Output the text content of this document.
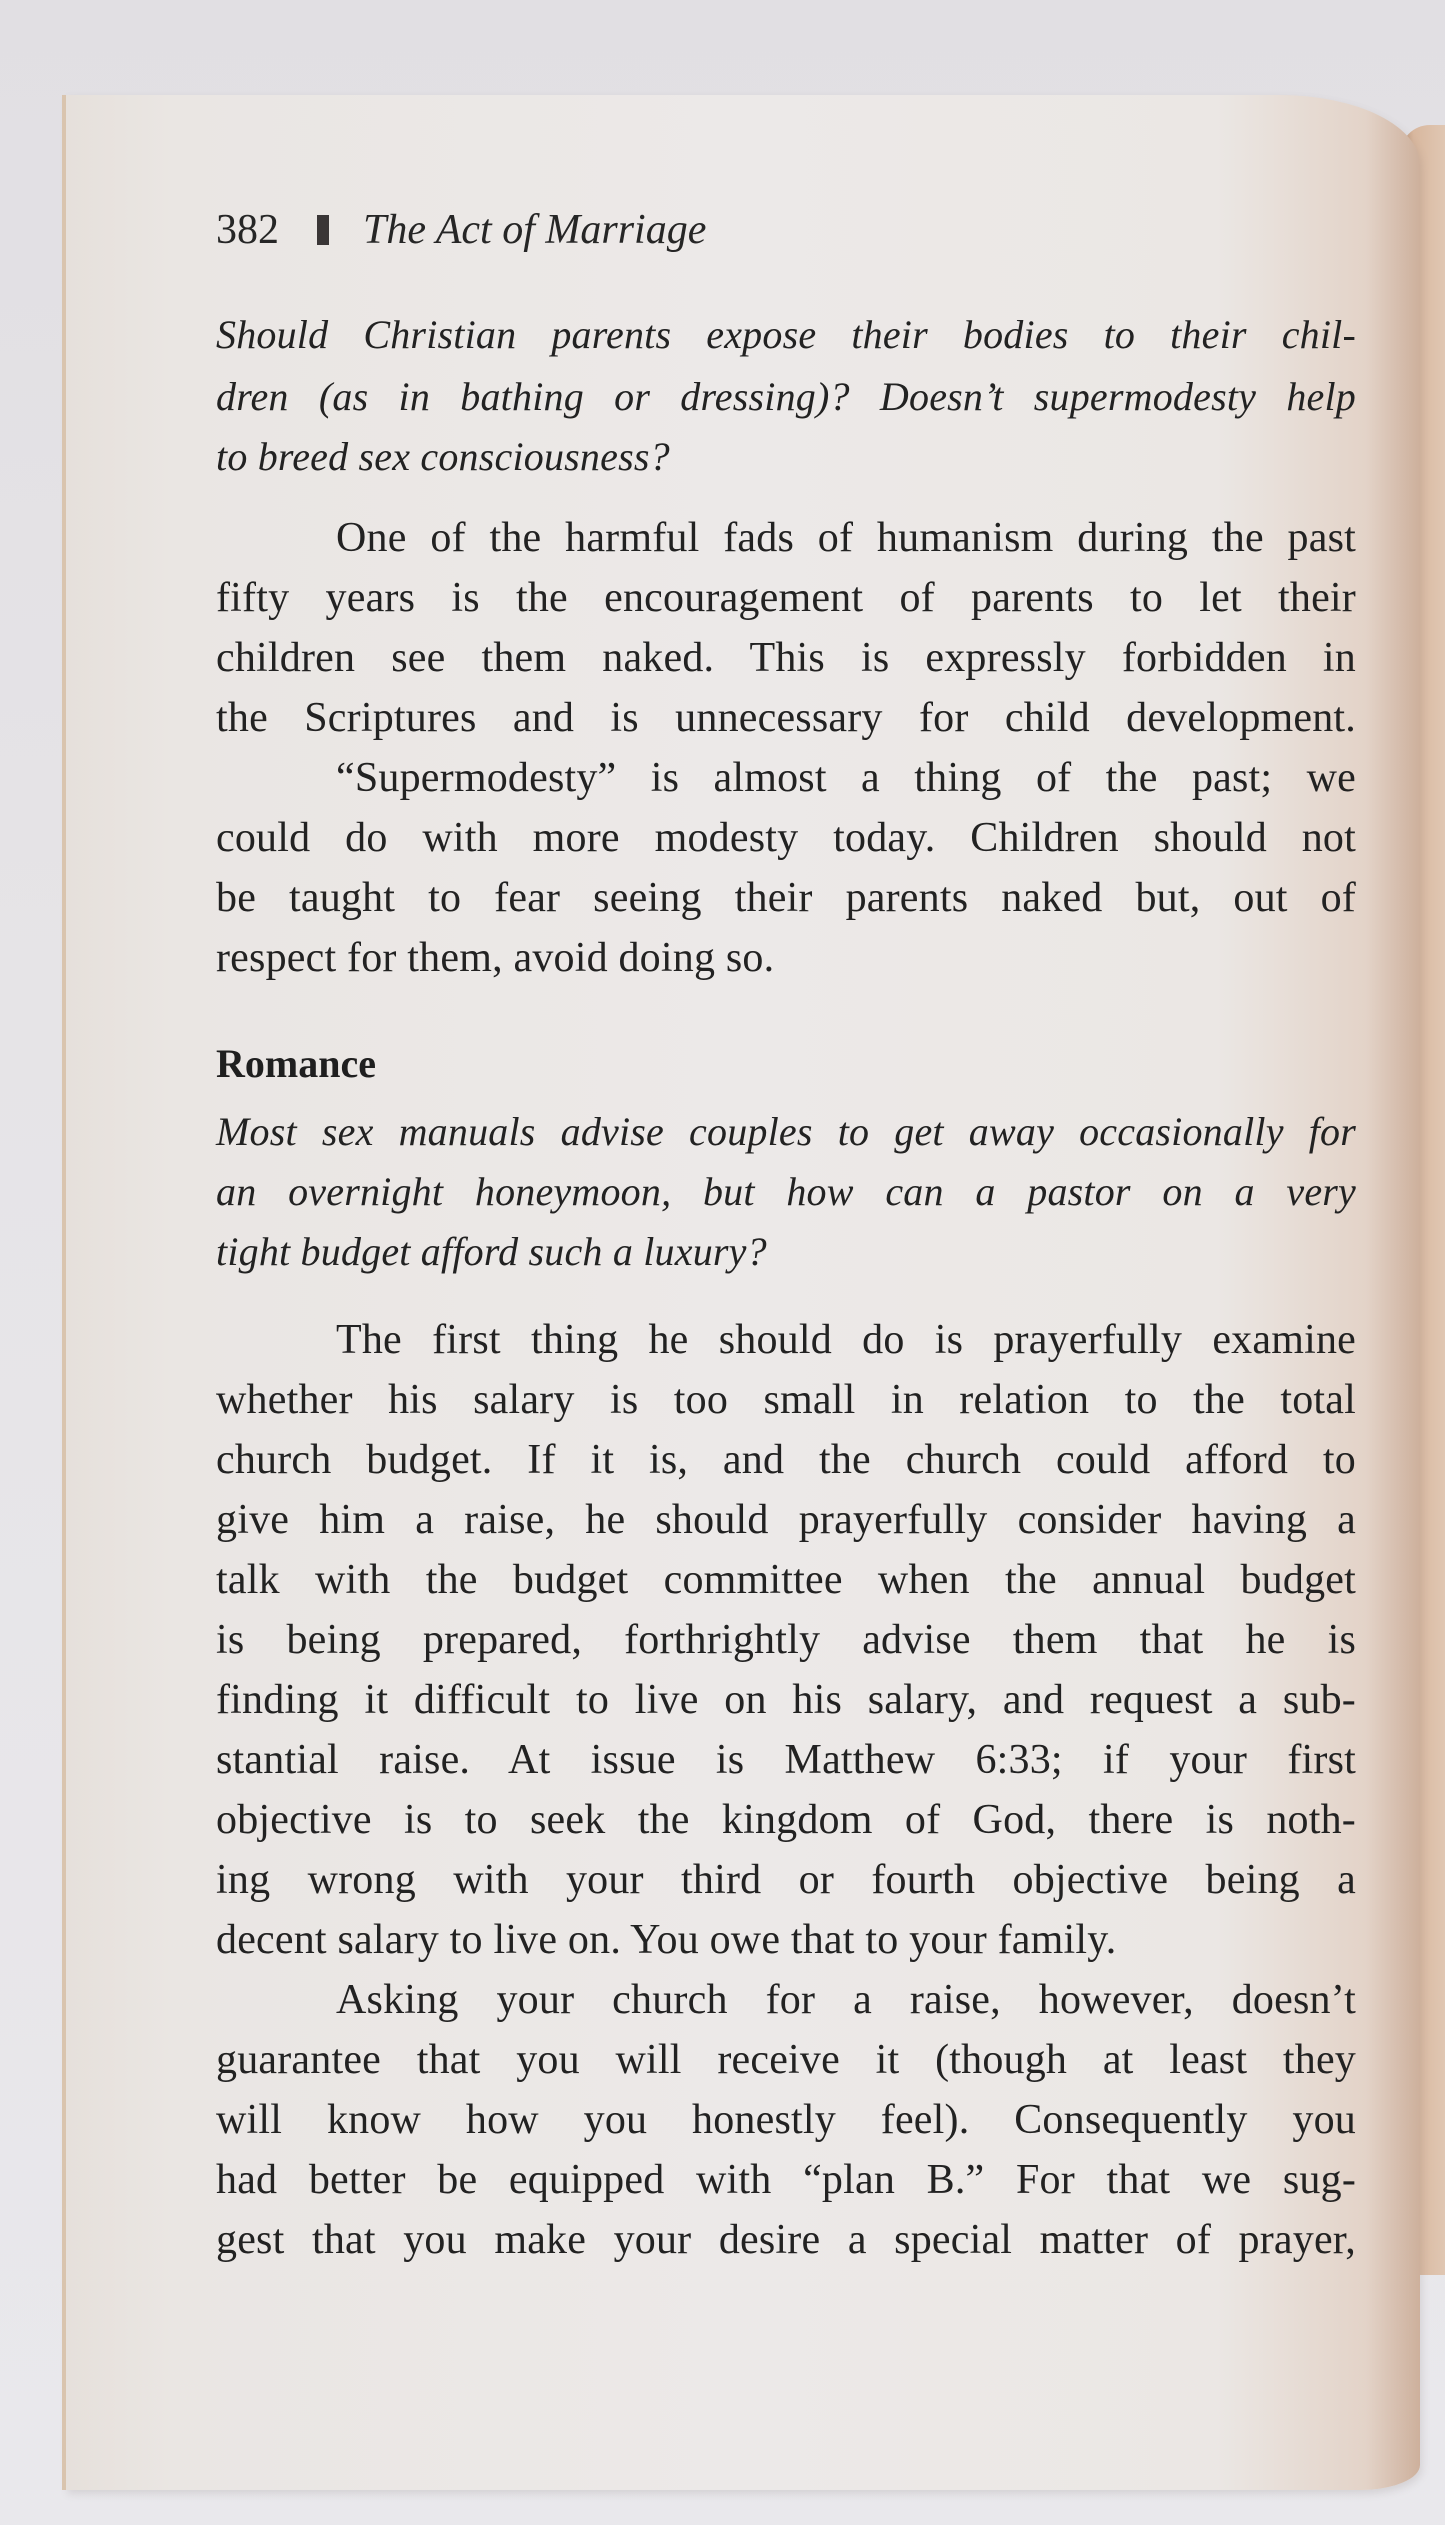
382 The Act of Marriage
Should Christian parents expose their bodies to their chil-
dren (as in bathing or dressing)? Doesn’t supermodesty help
to breed sex consciousness?
One of the harmful fads of humanism during the past
fifty years is the encouragement of parents to let their
children see them naked. This is expressly forbidden in
the Scriptures and is unnecessary for child development.
“Supermodesty” is almost a thing of the past; we
could do with more modesty today. Children should not
be taught to fear seeing their parents naked but, out of
respect for them, avoid doing so.
Romance
Most sex manuals advise couples to get away occasionally for
an overnight honeymoon, but how can a pastor on a very
tight budget afford such a luxury?
The first thing he should do is prayerfully examine
whether his salary is too small in relation to the total
church budget. If it is, and the church could afford to
give him a raise, he should prayerfully consider having a
talk with the budget committee when the annual budget
is being prepared, forthrightly advise them that he is
finding it difficult to live on his salary, and request a sub-
stantial raise. At issue is Matthew 6:33; if your first
objective is to seek the kingdom of God, there is noth-
ing wrong with your third or fourth objective being a
decent salary to live on. You owe that to your family.
Asking your church for a raise, however, doesn’t
guarantee that you will receive it (though at least they
will know how you honestly feel). Consequently you
had better be equipped with “plan B.” For that we sug-
gest that you make your desire a special matter of prayer,
